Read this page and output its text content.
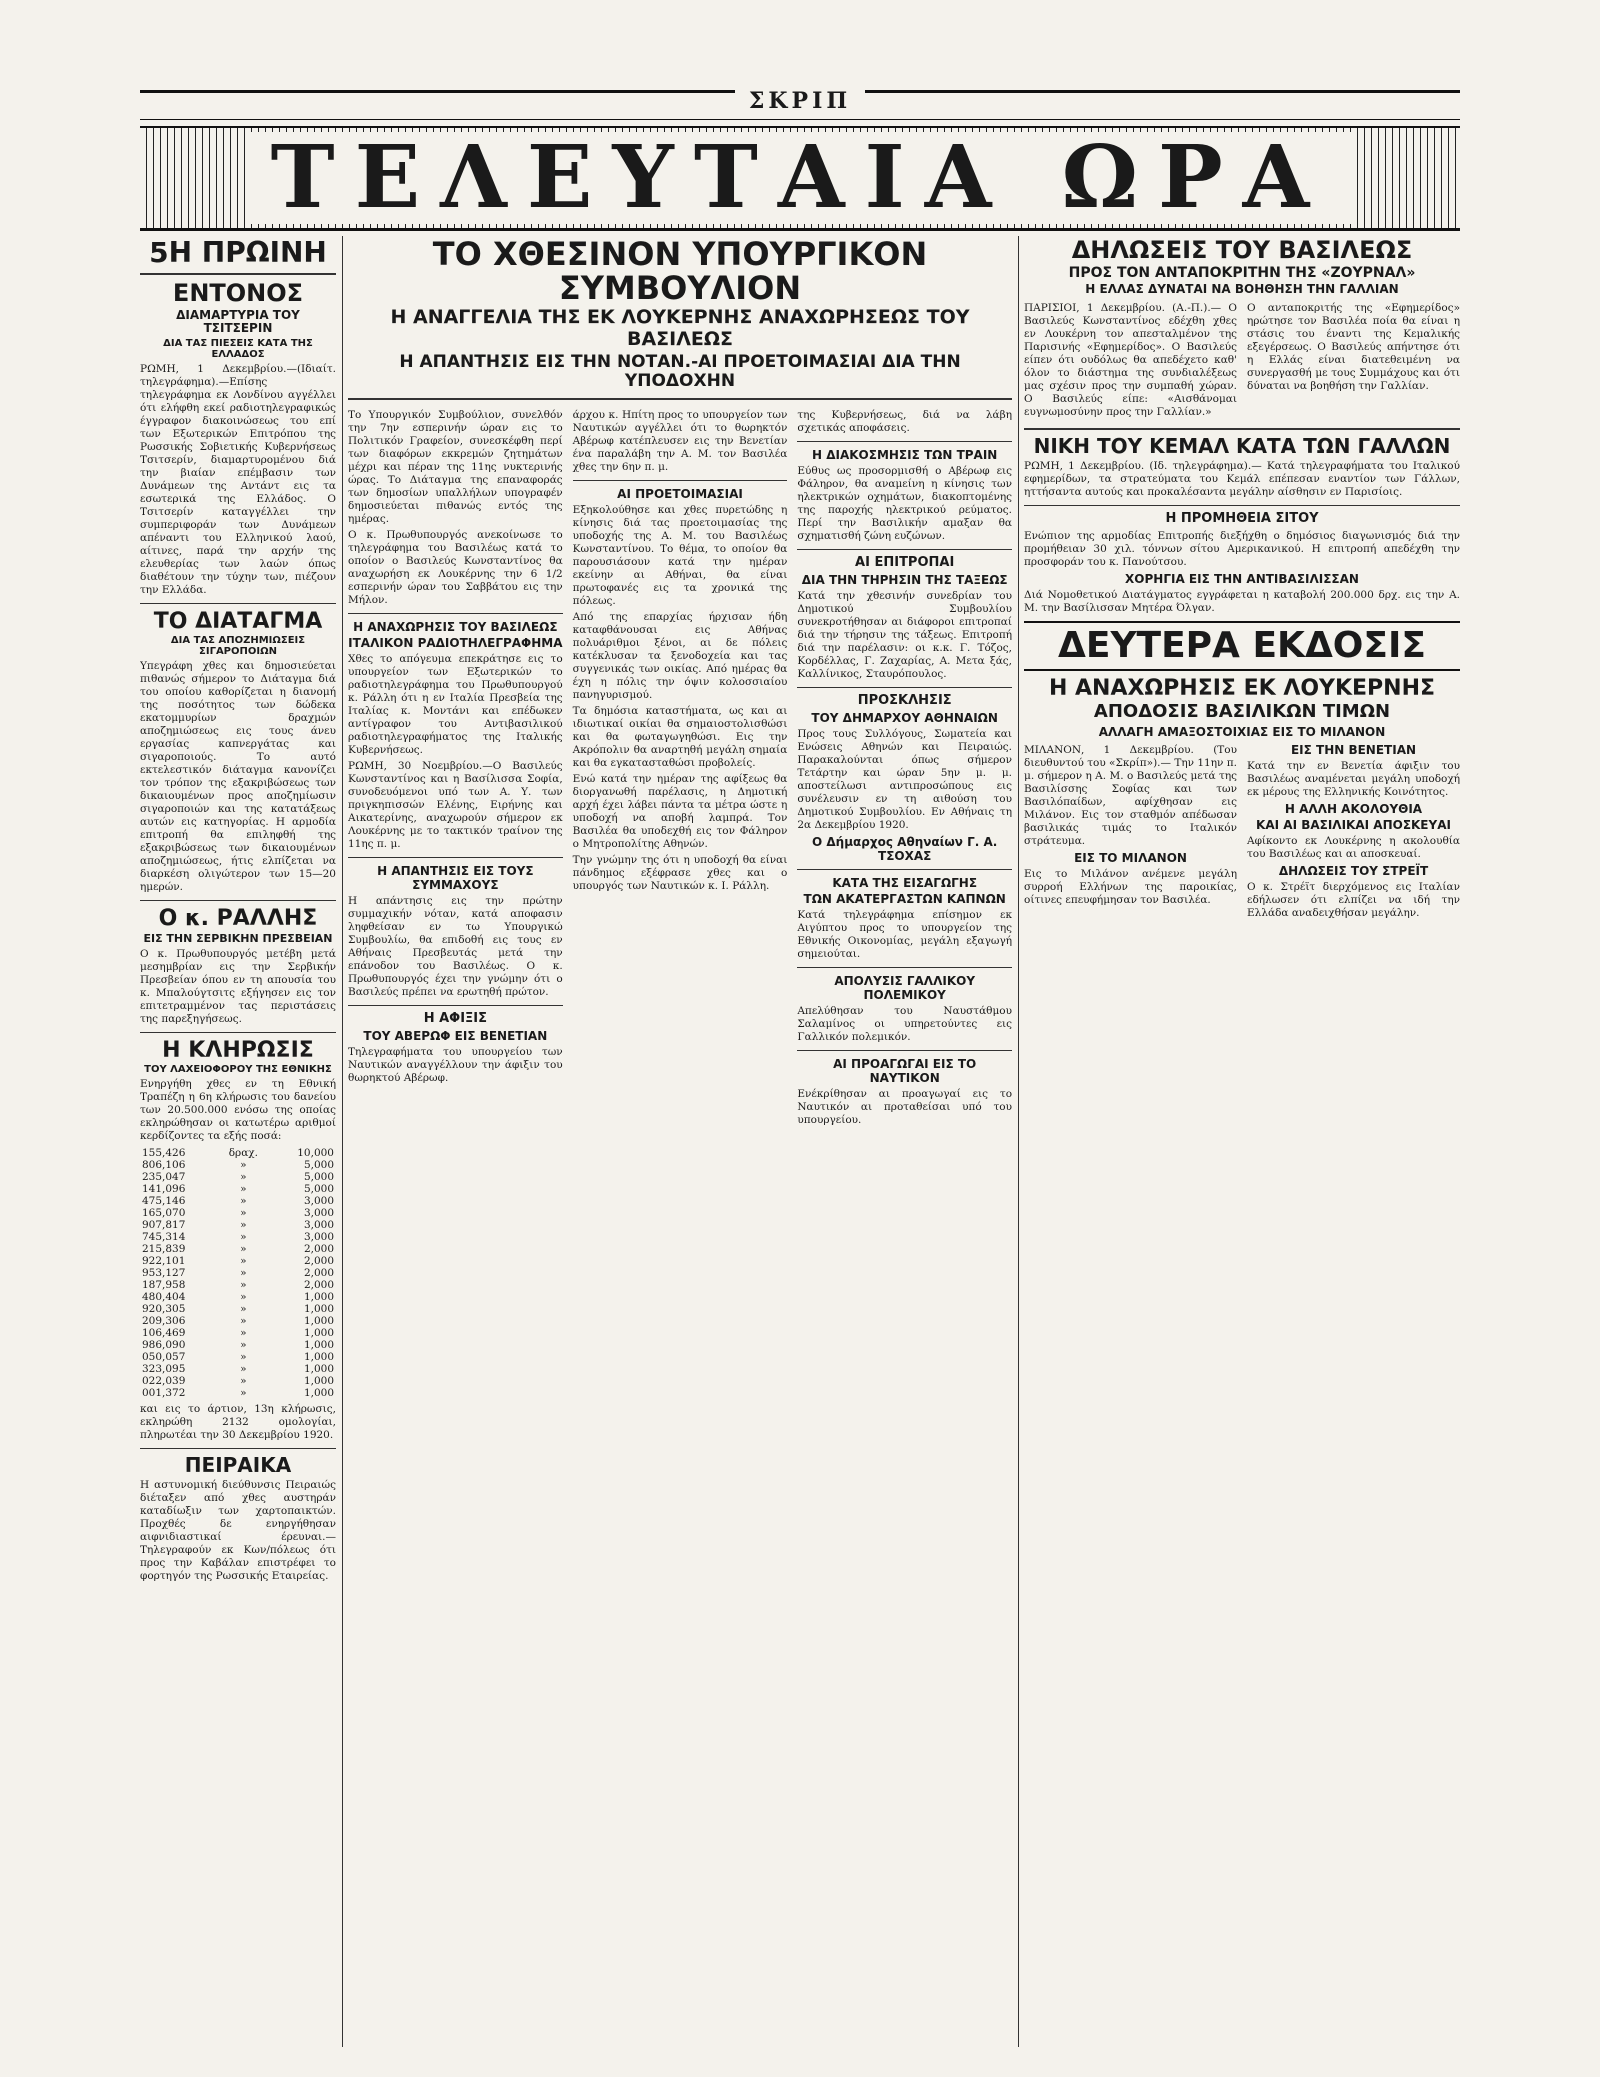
ΣΚΡΙΠ
ΤΕΛΕΥΤΑΙΑ ΩΡΑ
5Η ΠΡΩΙΝΗ
ΕΝΤΟΝΟΣ
ΔΙΑΜΑΡΤΥΡΙΑ ΤΟΥ ΤΣΙΤΣΕΡΙΝ
ΔΙΑ ΤΑΣ ΠΙΕΣΕΙΣ ΚΑΤΑ ΤΗΣ ΕΛΛΑΔΟΣ
ΡΩΜΗ, 1 Δεκεμβρίου.—(Ιδιαίτ. τηλεγράφημα).—Επίσης τηλεγράφημα εκ Λονδίνου αγγέλλει ότι ελήφθη εκεί ραδιοτηλεγραφικώς έγγραφον διακοινώσεως του επί των Εξωτερικών Επιτρόπου της Ρωσσικής Σοβιετικής Κυβερνήσεως Τσιτσερίν, διαμαρτυρομένου διά την βιαίαν επέμβασιν των Δυνάμεων της Αντάντ εις τα εσωτερικά της Ελλάδος. Ο Τσιτσερίν καταγγέλλει την συμπεριφοράν των Δυνάμεων απέναντι του Ελληνικού λαού, αίτινες, παρά την αρχήν της ελευθερίας των λαών όπως διαθέτουν την τύχην των, πιέζουν την Ελλάδα.
ΤΟ ΔΙΑΤΑΓΜΑ
ΔΙΑ ΤΑΣ ΑΠΟΖΗΜΙΩΣΕΙΣ ΣΙΓΑΡΟΠΟΙΩΝ
Υπεγράφη χθες και δημοσιεύεται πιθανώς σήμερον το Διάταγμα διά του οποίου καθορίζεται η διανομή της ποσότητος των δώδεκα εκατομμυρίων δραχμών αποζημιώσεως εις τους άνευ εργασίας καπνεργάτας και σιγαροποιούς. Το αυτό εκτελεστικόν διάταγμα κανονίζει τον τρόπον της εξακριβώσεως των δικαιουμένων προς αποζημίωσιν σιγαροποιών και της κατατάξεως αυτών εις κατηγορίας. Η αρμοδία επιτροπή θα επιληφθή της εξακριβώσεως των δικαιουμένων αποζημιώσεως, ήτις ελπίζεται να διαρκέση ολιγώτερον των 15—20 ημερών.
Ο κ. ΡΑΛΛΗΣ
ΕΙΣ ΤΗΝ ΣΕΡΒΙΚΗΝ ΠΡΕΣΒΕΙΑΝ
Ο κ. Πρωθυπουργός μετέβη μετά μεσημβρίαν εις την Σερβικήν Πρεσβείαν όπου εν τη απουσία του κ. Μπαλούγτσιτς εξήγησεν εις τον επιτετραμμένον τας περιστάσεις της παρεξηγήσεως.
Η ΚΛΗΡΩΣΙΣ
ΤΟΥ ΛΑΧΕΙΟΦΟΡΟΥ ΤΗΣ ΕΘΝΙΚΗΣ
Ενηργήθη χθες εν τη Εθνική Τραπέζη η 6η κλήρωσις του δανείου των 20.500.000 ενόσω της οποίας εκληρώθησαν οι κατωτέρω αριθμοί κερδίζοντες τα εξής ποσά:
155,426	δραχ.	10,000
806,106	»	5,000
235,047	»	5,000
141,096	»	5,000
475,146	»	3,000
165,070	»	3,000
907,817	»	3,000
745,314	»	3,000
215,839	»	2,000
922,101	»	2,000
953,127	»	2,000
187,958	»	2,000
480,404	»	1,000
920,305	»	1,000
209,306	»	1,000
106,469	»	1,000
986,090	»	1,000
050,057	»	1,000
323,095	»	1,000
022,039	»	1,000
001,372	»	1,000
και εις το άρτιον, 13η κλήρωσις, εκληρώθη 2132 ομολογίαι, πληρωτέαι την 30 Δεκεμβρίου 1920.
ΠΕΙΡΑΙΚΑ
Η αστυνομική διεύθυνσις Πειραιώς διέταξεν από χθες αυστηράν καταδίωξιν των χαρτοπαικτών. Προχθές δε ενηργήθησαν αιφνιδιαστικαί έρευναι.— Τηλεγραφούν εκ Κων/πόλεως ότι προς την Καβάλαν επιστρέφει το φορτηγόν της Ρωσσικής Εταιρείας.
ΤΟ ΧΘΕΣΙΝΟΝ ΥΠΟΥΡΓΙΚΟΝ ΣΥΜΒΟΥΛΙΟΝ
Η ΑΝΑΓΓΕΛΙΑ ΤΗΣ ΕΚ ΛΟΥΚΕΡΝΗΣ ΑΝΑΧΩΡΗΣΕΩΣ ΤΟΥ ΒΑΣΙΛΕΩΣ
Η ΑΠΑΝΤΗΣΙΣ ΕΙΣ ΤΗΝ ΝΟΤΑΝ.-ΑΙ ΠΡΟΕΤΟΙΜΑΣΙΑΙ ΔΙΑ ΤΗΝ ΥΠΟΔΟΧΗΝ
Το Υπουργικόν Συμβούλιον, συνελθόν την 7ην εσπερινήν ώραν εις το Πολιτικόν Γραφείον, συνεσκέφθη περί των διαφόρων εκκρεμών ζητημάτων μέχρι και πέραν της 11ης νυκτερινής ώρας. Το Διάταγμα της επαναφοράς των δημοσίων υπαλλήλων υπογραφέν δημοσιεύεται πιθανώς εντός της ημέρας.
Ο κ. Πρωθυπουργός ανεκοίνωσε το τηλεγράφημα του Βασιλέως κατά το οποίον ο Βασιλεύς Κωνσταντίνος θα αναχωρήση εκ Λουκέρνης την 6 1/2 εσπερινήν ώραν του Σαββάτου εις την Μήλον.
Η ΑΝΑΧΩΡΗΣΙΣ ΤΟΥ ΒΑΣΙΛΕΩΣ
ΙΤΑΛΙΚΟΝ ΡΑΔΙΟΤΗΛΕΓΡΑΦΗΜΑ
Χθες το απόγευμα επεκράτησε εις το υπουργείον των Εξωτερικών το ραδιοτηλεγράφημα του Πρωθυπουργού κ. Ράλλη ότι η εν Ιταλία Πρεσβεία της Ιταλίας κ. Μοντάνι και επέδωκεν αντίγραφον του Αντιβασιλικού ραδιοτηλεγραφήματος της Ιταλικής Κυβερνήσεως.
ΡΩΜΗ, 30 Νοεμβρίου.—Ο Βασιλεύς Κωνσταντίνος και η Βασίλισσα Σοφία, συνοδευόμενοι υπό των Α. Υ. των πριγκηπισσών Ελένης, Ειρήνης και Αικατερίνης, αναχωρούν σήμερον εκ Λουκέρνης με το τακτικόν τραίνον της 11ης π. μ.
Η ΑΠΑΝΤΗΣΙΣ ΕΙΣ ΤΟΥΣ ΣΥΜΜΑΧΟΥΣ
Η απάντησις εις την πρώτην συμμαχικήν νόταν, κατά αποφασιν ληφθείσαν εν τω Υπουργικώ Συμβουλίω, θα επιδοθή εις τους εν Αθήναις Πρεσβευτάς μετά την επάνοδον του Βασιλέως. Ο κ. Πρωθυπουργός έχει την γνώμην ότι ο Βασιλεύς πρέπει να ερωτηθή πρώτον.
Η ΑΦΙΞΙΣ
ΤΟΥ ΑΒΕΡΩΦ ΕΙΣ ΒΕΝΕΤΙΑΝ
Τηλεγραφήματα του υπουργείου των Ναυτικών αναγγέλλουν την άφιξιν του θωρηκτού Αβέρωφ.
άρχου κ. Ηπίτη προς το υπουργείον των Ναυτικών αγγέλλει ότι το θωρηκτόν Αβέρωφ κατέπλευσεν εις την Βενετίαν ένα παραλάβη την Α. Μ. τον Βασιλέα χθες την 6ην π. μ.
ΑΙ ΠΡΟΕΤΟΙΜΑΣΙΑΙ
Εξηκολούθησε και χθες πυρετώδης η κίνησις διά τας προετοιμασίας της υποδοχής της Α. Μ. του Βασιλέως Κωνσταντίνου. Το θέμα, το οποίον θα παρουσιάσουν κατά την ημέραν εκείνην αι Αθήναι, θα είναι πρωτοφανές εις τα χρονικά της πόλεως.
Από της επαρχίας ήρχισαν ήδη καταφθάνουσαι εις Αθήνας πολυάριθμοι ξένοι, αι δε πόλεις κατέκλυσαν τα ξενοδοχεία και τας συγγενικάς των οικίας. Από ημέρας θα έχη η πόλις την όψιν κολοσσιαίου πανηγυρισμού.
Τα δημόσια καταστήματα, ως και αι ιδιωτικαί οικίαι θα σημαιοστολισθώσι και θα φωταγωγηθώσι. Εις την Ακρόπολιν θα αναρτηθή μεγάλη σημαία και θα εγκατασταθώσι προβολείς.
Ενώ κατά την ημέραν της αφίξεως θα διοργανωθή παρέλασις, η Δημοτική αρχή έχει λάβει πάντα τα μέτρα ώστε η υποδοχή να αποβή λαμπρά. Τον Βασιλέα θα υποδεχθή εις τον Φάληρον ο Μητροπολίτης Αθηνών.
Την γνώμην της ότι η υποδοχή θα είναι πάνδημος εξέφρασε χθες και ο υπουργός των Ναυτικών κ. Ι. Ράλλη.
της Κυβερνήσεως, διά να λάβη σχετικάς αποφάσεις.
Η ΔΙΑΚΟΣΜΗΣΙΣ ΤΩΝ ΤΡΑΙΝ
Εύθυς ως προσορμισθή ο Αβέρωφ εις Φάληρον, θα αναμείνη η κίνησις των ηλεκτρικών οχημάτων, διακοπτομένης της παροχής ηλεκτρικού ρεύματος. Περί την Βασιλικήν αμαξαν θα σχηματισθή ζώνη ευζώνων.
ΑΙ ΕΠΙΤΡΟΠΑΙ
ΔΙΑ ΤΗΝ ΤΗΡΗΣΙΝ ΤΗΣ ΤΑΞΕΩΣ
Κατά την χθεσινήν συνεδρίαν του Δημοτικού Συμβουλίου συνεκροτήθησαν αι διάφοροι επιτροπαί διά την τήρησιν της τάξεως. Επιτροπή διά την παρέλασιν: οι κ.κ. Γ. Τόζος, Κορδέλλας, Γ. Ζαχαρίας, Α. Μετα ξάς, Καλλίνικος, Σταυρόπουλος.
ΠΡΟΣΚΛΗΣΙΣ
ΤΟΥ ΔΗΜΑΡΧΟΥ ΑΘΗΝΑΙΩΝ
Προς τους Συλλόγους, Σωματεία και Ενώσεις Αθηνών και Πειραιώς. Παρακαλούνται όπως σήμερον Τετάρτην και ώραν 5ην μ. μ. αποστείλωσι αντιπροσώπους εις συνέλευσιν εν τη αιθούση του Δημοτικού Συμβουλίου. Εν Αθήναις τη 2α Δεκεμβρίου 1920.
Ο Δήμαρχος Αθηναίων Γ. Α. ΤΣΟΧΑΣ
ΚΑΤΑ ΤΗΣ ΕΙΣΑΓΩΓΗΣ
ΤΩΝ ΑΚΑΤΕΡΓΑΣΤΩΝ ΚΑΠΝΩΝ
Κατά τηλεγράφημα επίσημον εκ Αιγύπτου προς το υπουργείον της Εθνικής Οικονομίας, μεγάλη εξαγωγή σημειούται.
ΑΠΟΛΥΣΙΣ ΓΑΛΛΙΚΟΥ ΠΟΛΕΜΙΚΟΥ
Απελύθησαν του Ναυστάθμου Σαλαμίνος οι υπηρετούντες εις Γαλλικόν πολεμικόν.
ΑΙ ΠΡΟΑΓΩΓΑΙ ΕΙΣ ΤΟ ΝΑΥΤΙΚΟΝ
Ενέκρίθησαν αι προαγωγαί εις το Ναυτικόν αι προταθείσαι υπό του υπουργείου.
ΔΗΛΩΣΕΙΣ ΤΟΥ ΒΑΣΙΛΕΩΣ
ΠΡΟΣ ΤΟΝ ΑΝΤΑΠΟΚΡΙΤΗΝ ΤΗΣ «ΖΟΥΡΝΑΛ»
Η ΕΛΛΑΣ ΔΥΝΑΤΑΙ ΝΑ ΒΟΗΘΗΣΗ ΤΗΝ ΓΑΛΛΙΑΝ
ΠΑΡΙΣΙΟΙ, 1 Δεκεμβρίου. (Α.-Π.).— Ο Βασιλεύς Κωνσταντίνος εδέχθη χθες εν Λουκέρνη τον απεσταλμένον της Παρισινής «Εφημερίδος». Ο Βασιλεύς είπεν ότι ουδόλως θα απεδέχετο καθ' όλον το διάστημα της συνδιαλέξεως μας σχέσιν προς την συμπαθή χώραν. Ο Βασιλεύς είπε: «Αισθάνομαι ευγνωμοσύνην προς την Γαλλίαν.»
Ο ανταποκριτής της «Εφημερίδος» ηρώτησε τον Βασιλέα ποία θα είναι η στάσις του έναντι της Κεμαλικής εξεγέρσεως. Ο Βασιλεύς απήντησε ότι η Ελλάς είναι διατεθειμένη να συνεργασθή με τους Συμμάχους και ότι δύναται να βοηθήση την Γαλλίαν.
ΝΙΚΗ ΤΟΥ ΚΕΜΑΛ ΚΑΤΑ ΤΩΝ ΓΑΛΛΩΝ
ΡΩΜΗ, 1 Δεκεμβρίου. (Ιδ. τηλεγράφημα).— Κατά τηλεγραφήματα του Ιταλικού εφημερίδων, τα στρατεύματα του Κεμάλ επέπεσαν εναντίον των Γάλλων, ηττήσαντα αυτούς και προκαλέσαντα μεγάλην αίσθησιν εν Παρισίοις.
Η ΠΡΟΜΗΘΕΙΑ ΣΙΤΟΥ
Ενώπιον της αρμοδίας Επιτροπής διεξήχθη ο δημόσιος διαγωνισμός διά την προμήθειαν 30 χιλ. τόννων σίτου Αμερικανικού. Η επιτροπή απεδέχθη την προσφοράν του κ. Πανούτσου.
ΧΟΡΗΓΙΑ ΕΙΣ ΤΗΝ ΑΝΤΙΒΑΣΙΛΙΣΣΑΝ
Διά Νομοθετικού Διατάγματος εγγράφεται η καταβολή 200.000 δρχ. εις την Α. Μ. την Βασίλισσαν Μητέρα Όλγαν.
ΔΕΥΤΕΡΑ ΕΚΔΟΣΙΣ
Η ΑΝΑΧΩΡΗΣΙΣ ΕΚ ΛΟΥΚΕΡΝΗΣ
ΑΠΟΔΟΣΙΣ ΒΑΣΙΛΙΚΩΝ ΤΙΜΩΝ
ΑΛΛΑΓΗ ΑΜΑΞΟΣΤΟΙΧΙΑΣ ΕΙΣ ΤΟ ΜΙΛΑΝΟΝ
ΜΙΛΑΝΟΝ, 1 Δεκεμβρίου. (Του διευθυντού του «Σκρίπ»).— Την 11ην π. μ. σήμερον η Α. Μ. ο Βασιλεύς μετά της Βασιλίσσης Σοφίας και των Βασιλόπαίδων, αφίχθησαν εις Μιλάνον. Εις τον σταθμόν απέδωσαν βασιλικάς τιμάς το Ιταλικόν στράτευμα.
ΕΙΣ ΤΟ ΜΙΛΑΝΟΝ
Εις το Μιλάνον ανέμενε μεγάλη συρροή Ελλήνων της παροικίας, οίτινες επευφήμησαν τον Βασιλέα.
ΕΙΣ ΤΗΝ ΒΕΝΕΤΙΑΝ
Κατά την εν Βενετία άφιξιν του Βασιλέως αναμένεται μεγάλη υποδοχή εκ μέρους της Ελληνικής Κοινότητος.
Η ΑΛΛΗ ΑΚΟΛΟΥΘΙΑ
ΚΑΙ ΑΙ ΒΑΣΙΛΙΚΑΙ ΑΠΟΣΚΕΥΑΙ
Αφίκοντο εκ Λουκέρνης η ακολουθία του Βασιλέως και αι αποσκευαί.
ΔΗΛΩΣΕΙΣ ΤΟΥ ΣΤΡΕΪΤ
Ο κ. Στρέϊτ διερχόμενος εις Ιταλίαν εδήλωσεν ότι ελπίζει να ιδή την Ελλάδα αναδειχθήσαν μεγάλην.
